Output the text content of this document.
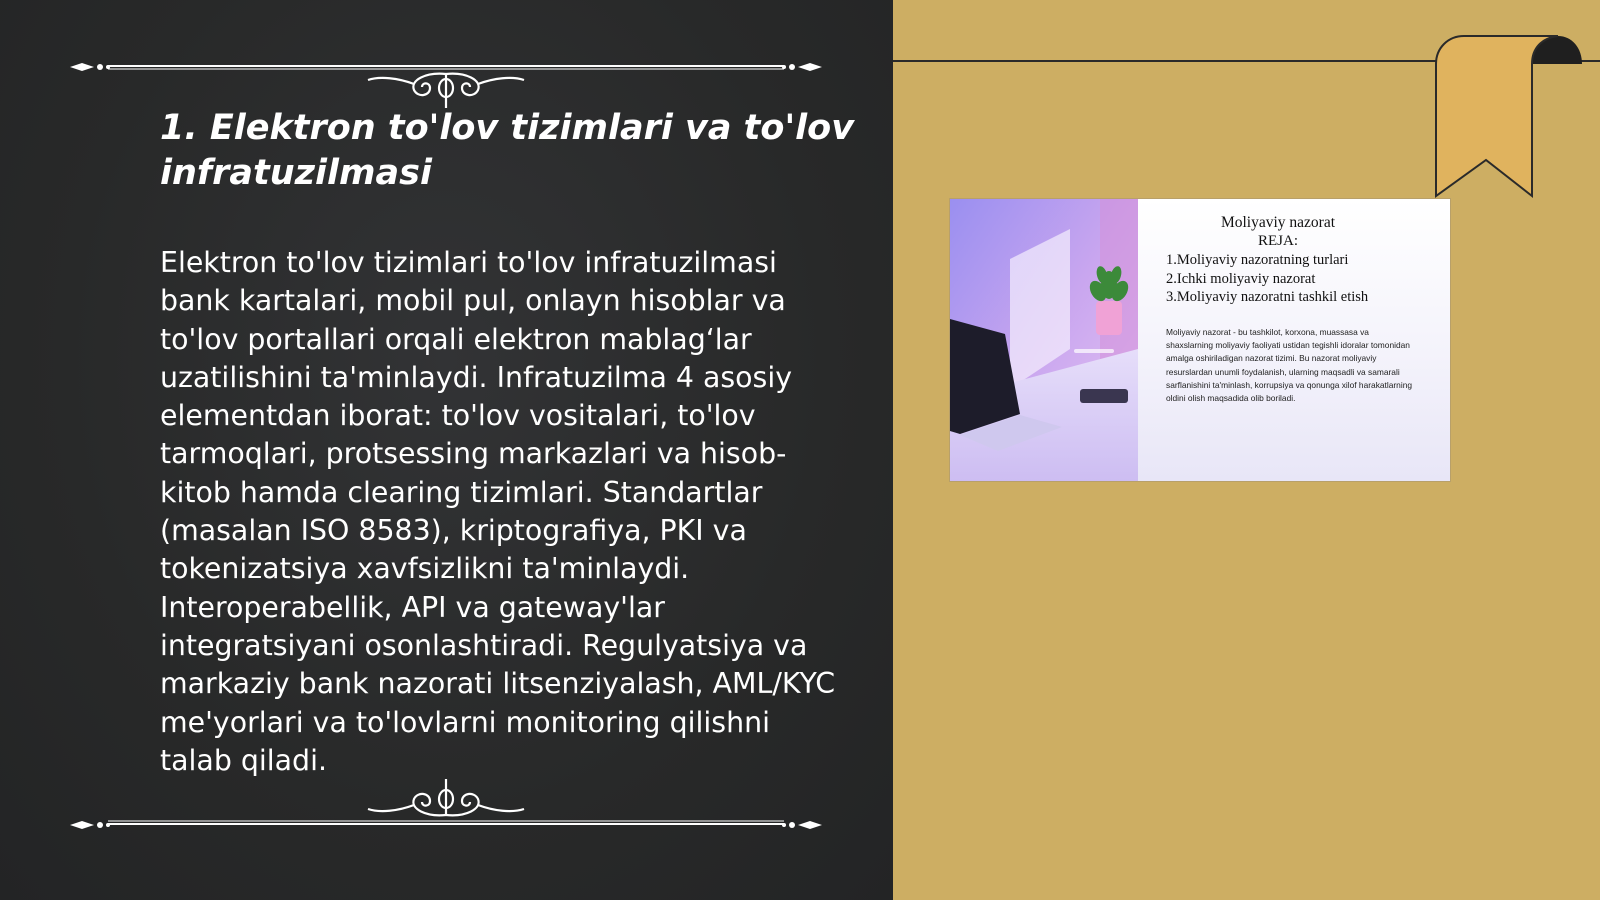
1. Elektron to'lov tizimlari va to'lov infratuzilmasi

Elektron to'lov tizimlari to'lov infratuzilmasi bank kartalari, mobil pul, onlayn hisoblar va to'lov portallari orqali elektron mablag‘lar uzatilishini ta'minlaydi. Infratuzilma 4 asosiy elementdan iborat: to'lov vositalari, to'lov tarmoqlari, protsessing markazlari va hisob-kitob hamda clearing tizimlari. Standartlar (masalan ISO 8583), kriptografiya, PKI va tokenizatsiya xavfsizlikni ta'minlaydi. Interoperabellik, API va gateway'lar integratsiyani osonlashtiradi. Regulyatsiya va markaziy bank nazorati litsenziyalash, AML/KYC me'yorlari va to'lovlarni monitoring qilishni talab qiladi.

Moliyaviy nazorat
REJA:
1.Moliyaviy nazoratning turlari
2.Ichki moliyaviy nazorat
3.Moliyaviy nazoratni tashkil etish

Moliyaviy nazorat - bu tashkilot, korxona, muassasa va shaxslarning moliyaviy faoliyati ustidan tegishli idoralar tomonidan amalga oshiriladigan nazorat tizimi. Bu nazorat moliyaviy resurslardan unumli foydalanish, ularning maqsadli va samarali sarflanishini ta'minlash, korrupsiya va qonunga xilof harakatlarning oldini olish maqsadida olib boriladi.
